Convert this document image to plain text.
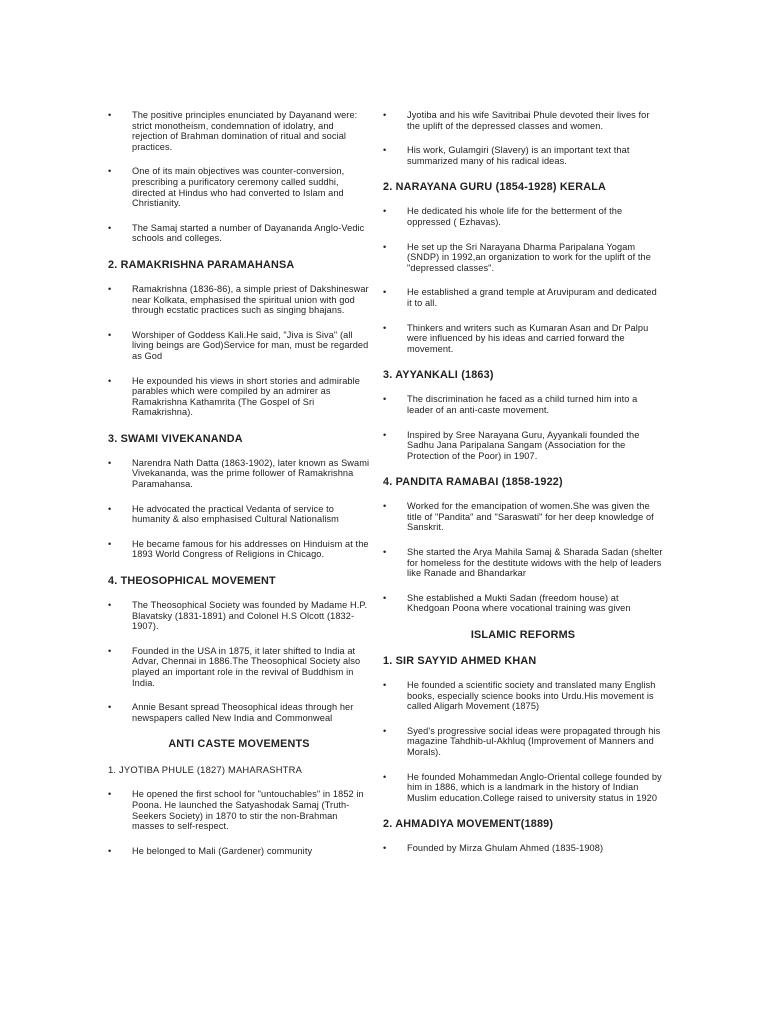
• The positive principles enunciated by Dayanand were: strict monotheism, condemnation of idolatry, and rejection of Brahman domination of ritual and social practices.
• One of its main objectives was counter-conversion, prescribing a purificatory ceremony called suddhi, directed at Hindus who had converted to Islam and Christianity.
• The Samaj started a number of Dayananda Anglo-Vedic schools and colleges.
2. RAMAKRISHNA PARAMAHANSA
• Ramakrishna (1836-86), a simple priest of Dakshineswar near Kolkata, emphasised the spiritual union with god through ecstatic practices such as singing bhajans.
• Worshiper of Goddess Kali.He said, "Jiva is Siva" (all living beings are God)Service for man, must be regarded as God
• He expounded his views in short stories and admirable parables which were compiled by an admirer as Ramakrishna Kathamrita (The Gospel of Sri Ramakrishna).
3. SWAMI VIVEKANANDA
• Narendra Nath Datta (1863-1902), later known as Swami Vivekananda, was the prime follower of Ramakrishna Paramahansa.
• He advocated the practical Vedanta of service to humanity & also emphasised Cultural Nationalism
• He became famous for his addresses on Hinduism at the 1893 World Congress of Religions in Chicago.
4. THEOSOPHICAL MOVEMENT
• The Theosophical Society was founded by Madame H.P. Blavatsky (1831-1891) and Colonel H.S Olcott (1832-1907).
• Founded in the USA in 1875, it later shifted to India at Advar, Chennai in 1886.The Theosophical Society also played an important role in the revival of Buddhism in India.
• Annie Besant spread Theosophical ideas through her newspapers called New India and Commonweal
ANTI CASTE MOVEMENTS
1. JYOTIBA PHULE (1827) MAHARASHTRA
• He opened the first school for "untouchables" in 1852 in Poona. He launched the Satyashodak Samaj (Truth-Seekers Society) in 1870 to stir the non-Brahman masses to self-respect.
• He belonged to Mali (Gardener) community
• Jyotiba and his wife Savitribai Phule devoted their lives for the uplift of the depressed classes and women.
• His work, Gulamgiri (Slavery) is an important text that summarized many of his radical ideas.
2. NARAYANA GURU (1854-1928) KERALA
• He dedicated his whole life for the betterment of the oppressed ( Ezhavas).
• He set up the Sri Narayana Dharma Paripalana Yogam (SNDP) in 1992,an organization to work for the uplift of the "depressed classes".
• He established a grand temple at Aruvipuram and dedicated it to all.
• Thinkers and writers such as Kumaran Asan and Dr Palpu were influenced by his ideas and carried forward the movement.
3. AYYANKALI (1863)
• The discrimination he faced as a child turned him into a leader of an anti-caste movement.
• Inspired by Sree Narayana Guru, Ayyankali founded the Sadhu Jana Paripalana Sangam (Association for the Protection of the Poor) in 1907.
4. PANDITA RAMABAI (1858-1922)
• Worked for the emancipation of women.She was given the title of "Pandita" and "Saraswati" for her deep knowledge of Sanskrit.
• She started the Arya Mahila Samaj & Sharada Sadan (shelter for homeless for the destitute widows with the help of leaders like Ranade and Bhandarkar
• She established a Mukti Sadan (freedom house) at Khedgoan Poona where vocational training was given
ISLAMIC REFORMS
1. SIR SAYYID AHMED KHAN
• He founded a scientific society and translated many English books, especially science books into Urdu.His movement is called Aligarh Movement (1875)
• Syed's progressive social ideas were propagated through his magazine Tahdhib-ul-Akhluq (Improvement of Manners and Morals).
• He founded Mohammedan Anglo-Oriental college founded by him in 1886, which is a landmark in the history of Indian Muslim education.College raised to university status in 1920
2. AHMADIYA MOVEMENT(1889)
• Founded by Mirza Ghulam Ahmed (1835-1908)
